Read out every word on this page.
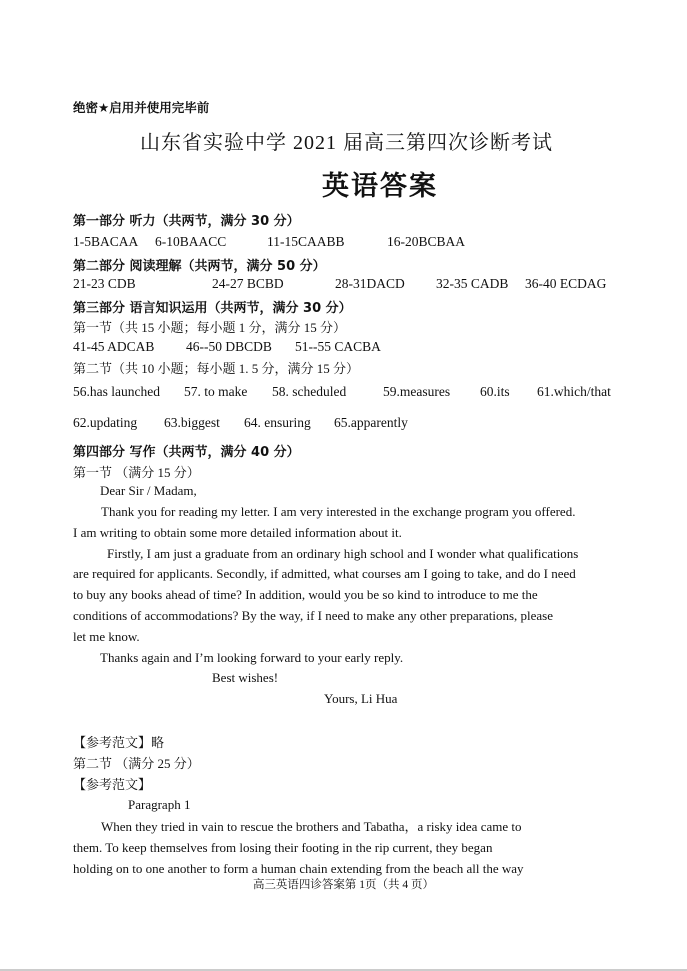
绝密★启用并使用完毕前
山东省实验中学 2021 届高三第四次诊断考试
英语答案
第一部分 听力（共两节，满分 30 分）
1-5BACAA 6-10BAACC	11-15CAABB	16-20BCBAA
第二部分 阅读理解（共两节，满分 50 分）
21-23 CDB	24-27 BCBD	28-31DACD 32-35 CADB 36-40 ECDAG
第三部分 语言知识运用（共两节，满分 30 分）
第一节（共 15 小题；每小题 1 分，满分 15 分）
41-45 ADCAB 46--50 DBCDB 51--55 CACBA
第二节（共 10 小题；每小题 1. 5 分，满分 15 分）
56.has launched 57. to make 58. scheduled	59.measures 60.its 61.which/that
62.updating 63.biggest 64. ensuring 65.apparently
第四部分 写作（共两节，满分 40 分）
第一节 （满分 15 分）
Dear Sir / Madam,
Thank you for reading my letter. I am very interested in the exchange program you offered.
I am writing to obtain some more detailed information about it.
Firstly, I am just a graduate from an ordinary high school and I wonder what qualifications
are required for applicants. Secondly, if admitted, what courses am I going to take, and do I need
to buy any books ahead of time? In addition, would you be so kind to introduce to me the
conditions of accommodations? By the way, if I need to make any other preparations, please
let me know.
Thanks again and I’m looking forward to your early reply.
Best wishes!
Yours, Li Hua
【参考范文】略
第二节 （满分 25 分）
【参考范文】
Paragraph 1
When they tried in vain to rescue the brothers and Tabatha，a risky idea came to
them. To keep themselves from losing their footing in the rip current, they began
holding on to one another to form a human chain extending from the beach all the way
高三英语四诊答案第 1页（共 4 页）
